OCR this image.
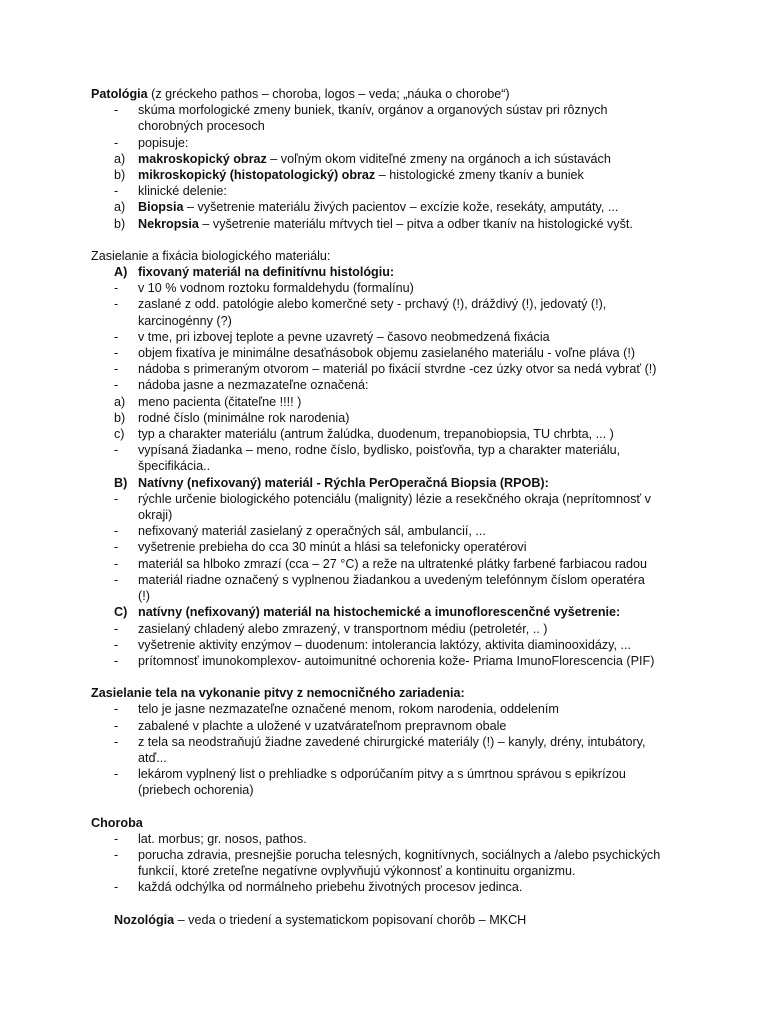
Patológia (z gréckeho pathos – choroba, logos – veda; „náuka o chorobe“)
-	skúma morfologické zmeny buniek, tkanív, orgánov a organových sústav pri rôznych
chorobných procesoch
-	popisuje:
a)	makroskopický obraz – voľným okom viditeľné zmeny na orgánoch a ich sústavách
b)	mikroskopický (histopatologický) obraz – histologické zmeny tkanív a buniek
-	klinické delenie:
a)	Biopsia – vyšetrenie materiálu živých pacientov – excízie kože, resekáty, amputáty, ...
b)	Nekropsia – vyšetrenie materiálu mŕtvych tiel – pitva a odber tkanív na histologické vyšt.
Zasielanie a fixácia biologického materiálu:
A) fixovaný materiál na definitívnu histológiu:
-	v 10 % vodnom roztoku formaldehydu (formalínu)
-	zaslané z odd. patológie alebo komerčné sety - prchavý (!), dráždivý (!), jedovatý (!),
karcinogénny (?)
-	v tme, pri izbovej teplote a pevne uzavretý – časovo neobmedzená fixácia
-	objem fixatíva je minimálne desaťnásobok objemu zasielaného materiálu - voľne pláva (!)
-	nádoba s primeraným otvorom – materiál po fixácií stvrdne -cez úzky otvor sa nedá vybrať (!)
-	nádoba jasne a nezmazateľne označená:
a)	meno pacienta (čitateľne !!!! )
b)	rodné číslo (minimálne rok narodenia)
c)	typ a charakter materiálu (antrum žalúdka, duodenum, trepanobiopsia, TU chrbta, ... )
-	vypísaná žiadanka – meno, rodne číslo, bydlisko, poisťovňa, typ a charakter materiálu,
špecifikácia..
B) Natívny (nefixovaný) materiál - Rýchla PerOperačná Biopsia (RPOB):
-	rýchle určenie biologického potenciálu (malignity) lézie a resekčného okraja (neprítomnosť v
okraji)
-	nefixovaný materiál zasielaný z operačných sál, ambulancií, ...
-	vyšetrenie prebieha do cca 30 minút a hlási sa telefonicky operatérovi
-	materiál sa hlboko zmrazí (cca – 27 °C) a reže na ultratenké plátky farbené farbiacou radou
-	materiál riadne označený s vyplnenou žiadankou a uvedeným telefónnym číslom operatéra
(!)
C) natívny (nefixovaný) materiál na histochemické a imunoflorescenčné vyšetrenie:
-	zasielaný chladený alebo zmrazený, v transportnom médiu (petroletér, .. )
-	vyšetrenie aktivity enzýmov – duodenum: intolerancia laktózy, aktivita diaminooxidázy, ...
-	prítomnosť imunokomplexov- autoimunitné ochorenia kože- Priama ImunoFlorescencia (PIF)
Zasielanie tela na vykonanie pitvy z nemocničného zariadenia:
-	telo je jasne nezmazateľne označené menom, rokom narodenia, oddelením
-	zabalené v plachte a uložené v uzatvárateľnom prepravnom obale
-	z tela sa neodstraňujú žiadne zavedené chirurgické materiály (!) – kanyly, drény, intubátory,
atď...
-	lekárom vyplnený list o prehliadke s odporúčaním pitvy a s úmrtnou správou s epikrízou
(priebech ochorenia)
Choroba
-	lat. morbus; gr. nosos, pathos.
-	porucha zdravia, presnejšie porucha telesných, kognitívnych, sociálnych a /alebo psychických
funkcií, ktoré zreteľne negatívne ovplyvňujú výkonnosť a kontinuitu organizmu.
-	každá odchýlka od normálneho priebehu životných procesov jedinca.
Nozológia – veda o triedení a systematickom popisovaní chorôb – MKCH
